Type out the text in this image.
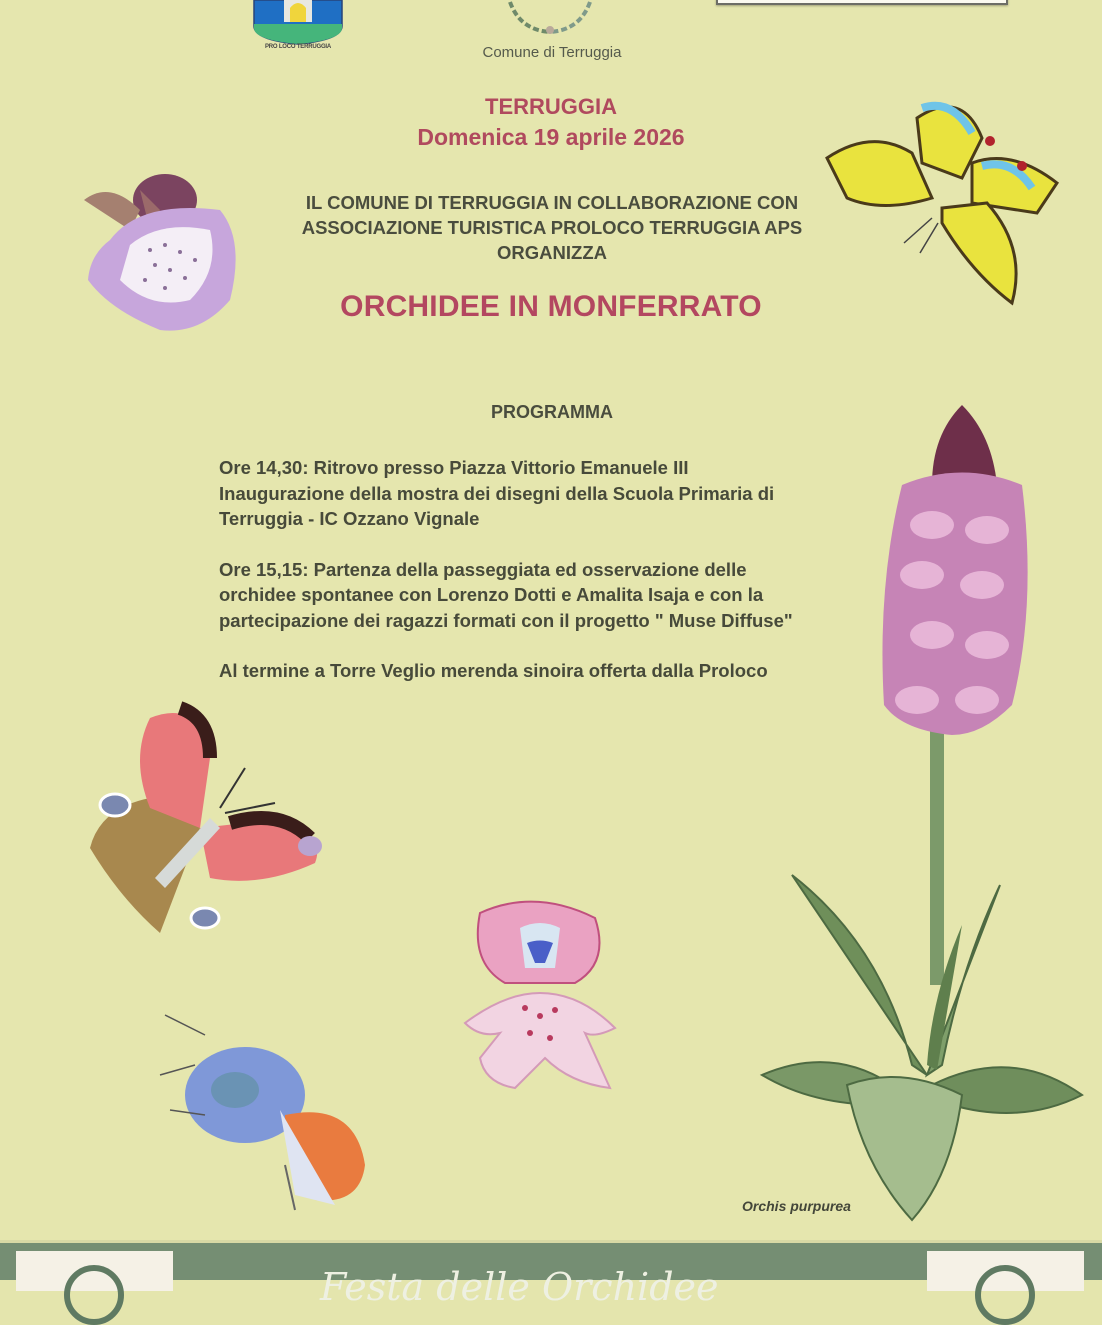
PRO LOCO TERRUGGIA	Comune di Terruggia
TERRUGGIA
Domenica 19 aprile 2026
IL COMUNE DI TERRUGGIA IN COLLABORAZIONE CON
ASSOCIAZIONE TURISTICA PROLOCO TERRUGGIA APS
ORGANIZZA
ORCHIDEE IN MONFERRATO
PROGRAMMA

Ore 14,30: Ritrovo presso Piazza Vittorio Emanuele III
Inaugurazione della mostra dei disegni della Scuola Primaria di
Terruggia - IC Ozzano Vignale

Ore 15,15: Partenza della passeggiata ed osservazione delle
orchidee spontanee con Lorenzo Dotti e Amalita Isaja e con la
partecipazione dei ragazzi formati con il progetto " Muse Diffuse"

Al termine a Torre Veglio merenda sinoira offerta dalla Proloco

Orchis purpurea
Festa delle Orchidee
